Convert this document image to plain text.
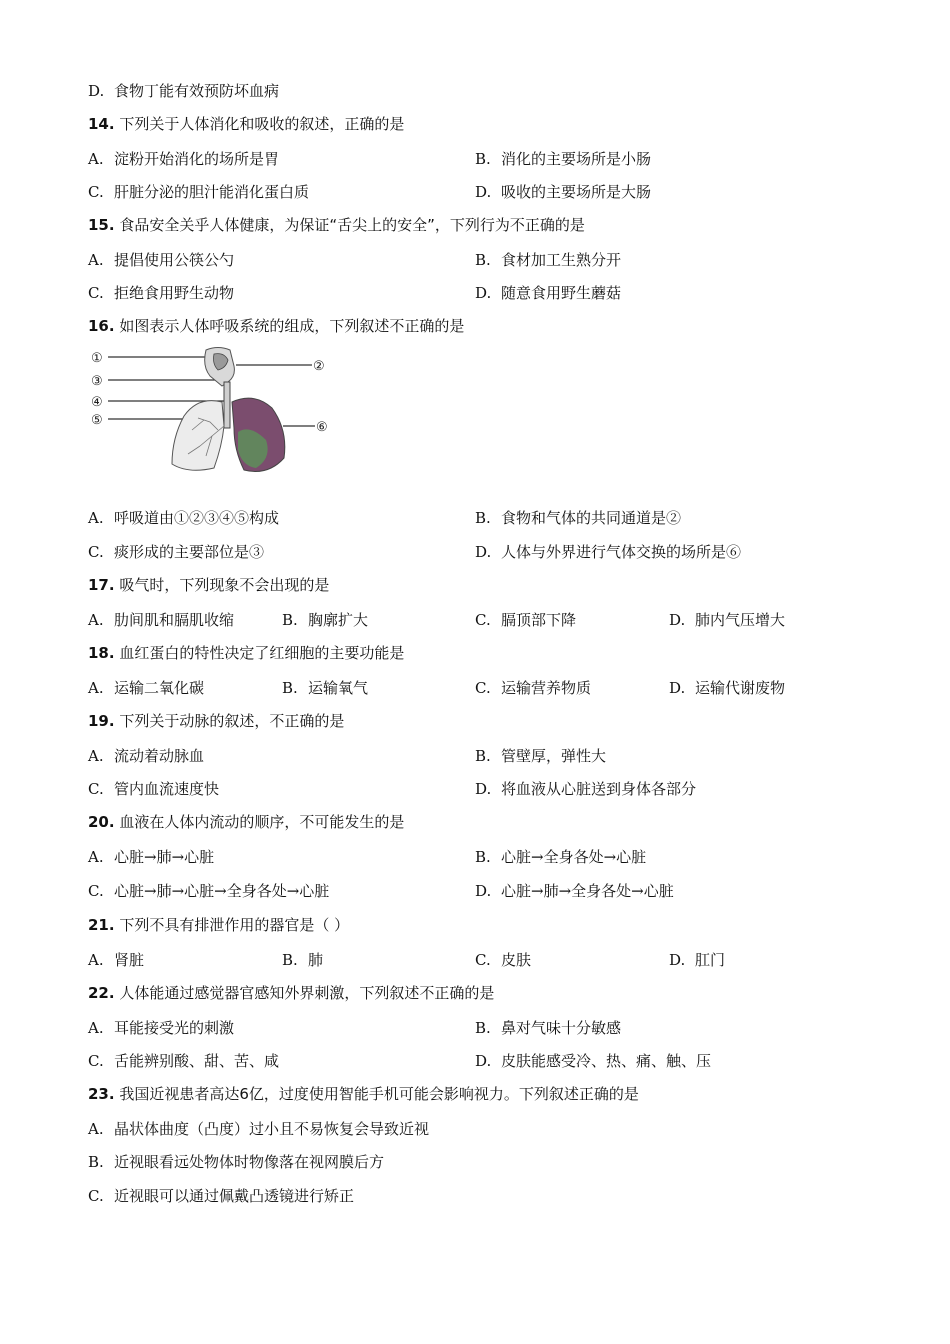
D. 食物丁能有效预防坏血病
14. 下列关于人体消化和吸收的叙述，正确的是
A. 淀粉开始消化的场所是胃	B. 消化的主要场所是小肠
C. 肝脏分泌的胆汁能消化蛋白质	D. 吸收的主要场所是大肠
15. 食品安全关乎人体健康，为保证“舌尖上的安全”，下列行为不正确的是
A. 提倡使用公筷公勺	B. 食材加工生熟分开
C. 拒绝食用野生动物	D. 随意食用野生蘑菇
16. 如图表示人体呼吸系统的组成，下列叙述不正确的是
①
②
③
④
⑤	⑥
A. 呼吸道由①②③④⑤构成	B. 食物和气体的共同通道是②
C. 痰形成的主要部位是③	D. 人体与外界进行气体交换的场所是⑥
17. 吸气时，下列现象不会出现的是
A. 肋间肌和膈肌收缩	B. 胸廓扩大	C. 膈顶部下降	D. 肺内气压增大
18. 血红蛋白的特性决定了红细胞的主要功能是
A. 运输二氧化碳	B. 运输氧气	C. 运输营养物质	D. 运输代谢废物
19. 下列关于动脉的叙述，不正确的是
A. 流动着动脉血	B. 管壁厚，弹性大
C. 管内血流速度快	D. 将血液从心脏送到身体各部分
20. 血液在人体内流动的顺序，不可能发生的是
A. 心脏→肺→心脏	B. 心脏→全身各处→心脏
C. 心脏→肺→心脏→全身各处→心脏	D. 心脏→肺→全身各处→心脏
21. 下列不具有排泄作用的器官是（ ）
A. 肾脏	B. 肺	C. 皮肤	D. 肛门
22. 人体能通过感觉器官感知外界刺激，下列叙述不正确的是
A. 耳能接受光的刺激	B. 鼻对气味十分敏感
C. 舌能辨别酸、甜、苦、咸	D. 皮肤能感受冷、热、痛、触、压
23. 我国近视患者高达6亿，过度使用智能手机可能会影响视力。下列叙述正确的是
A. 晶状体曲度（凸度）过小且不易恢复会导致近视
B. 近视眼看远处物体时物像落在视网膜后方
C. 近视眼可以通过佩戴凸透镜进行矫正
